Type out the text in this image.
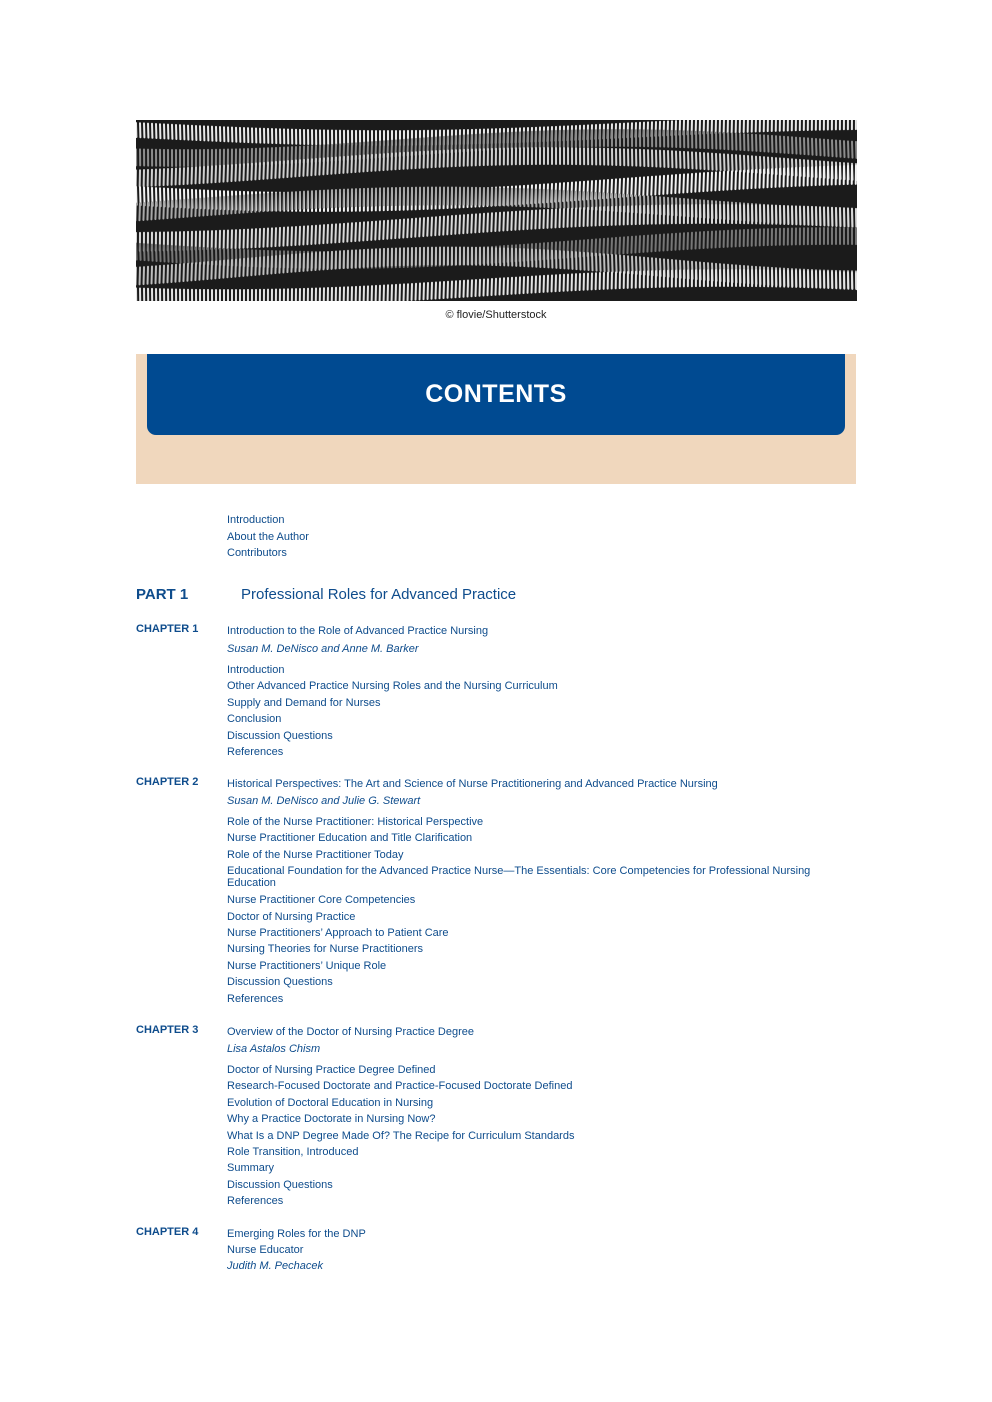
© flovie/Shutterstock
CONTENTS
Introduction
About the Author
Contributors
PART 1	Professional Roles for Advanced Practice
CHAPTER 1	Introduction to the Role of Advanced Practice Nursing
Susan M. DeNisco and Anne M. Barker
Introduction
Other Advanced Practice Nursing Roles and the Nursing Curriculum
Supply and Demand for Nurses
Conclusion
Discussion Questions
References
CHAPTER 2	Historical Perspectives: The Art and Science of Nurse Practitionering and Advanced Practice Nursing
Susan M. DeNisco and Julie G. Stewart
Role of the Nurse Practitioner: Historical Perspective
Nurse Practitioner Education and Title Clarification
Role of the Nurse Practitioner Today
Educational Foundation for the Advanced Practice Nurse—The Essentials: Core Competencies for Professional Nursing Education
Nurse Practitioner Core Competencies
Doctor of Nursing Practice
Nurse Practitioners’ Approach to Patient Care
Nursing Theories for Nurse Practitioners
Nurse Practitioners’ Unique Role
Discussion Questions
References
CHAPTER 3	Overview of the Doctor of Nursing Practice Degree
Lisa Astalos Chism
Doctor of Nursing Practice Degree Defined
Research-Focused Doctorate and Practice-Focused Doctorate Defined
Evolution of Doctoral Education in Nursing
Why a Practice Doctorate in Nursing Now?
What Is a DNP Degree Made Of? The Recipe for Curriculum Standards
Role Transition, Introduced
Summary
Discussion Questions
References
CHAPTER 4	Emerging Roles for the DNP
Nurse Educator
Judith M. Pechacek
